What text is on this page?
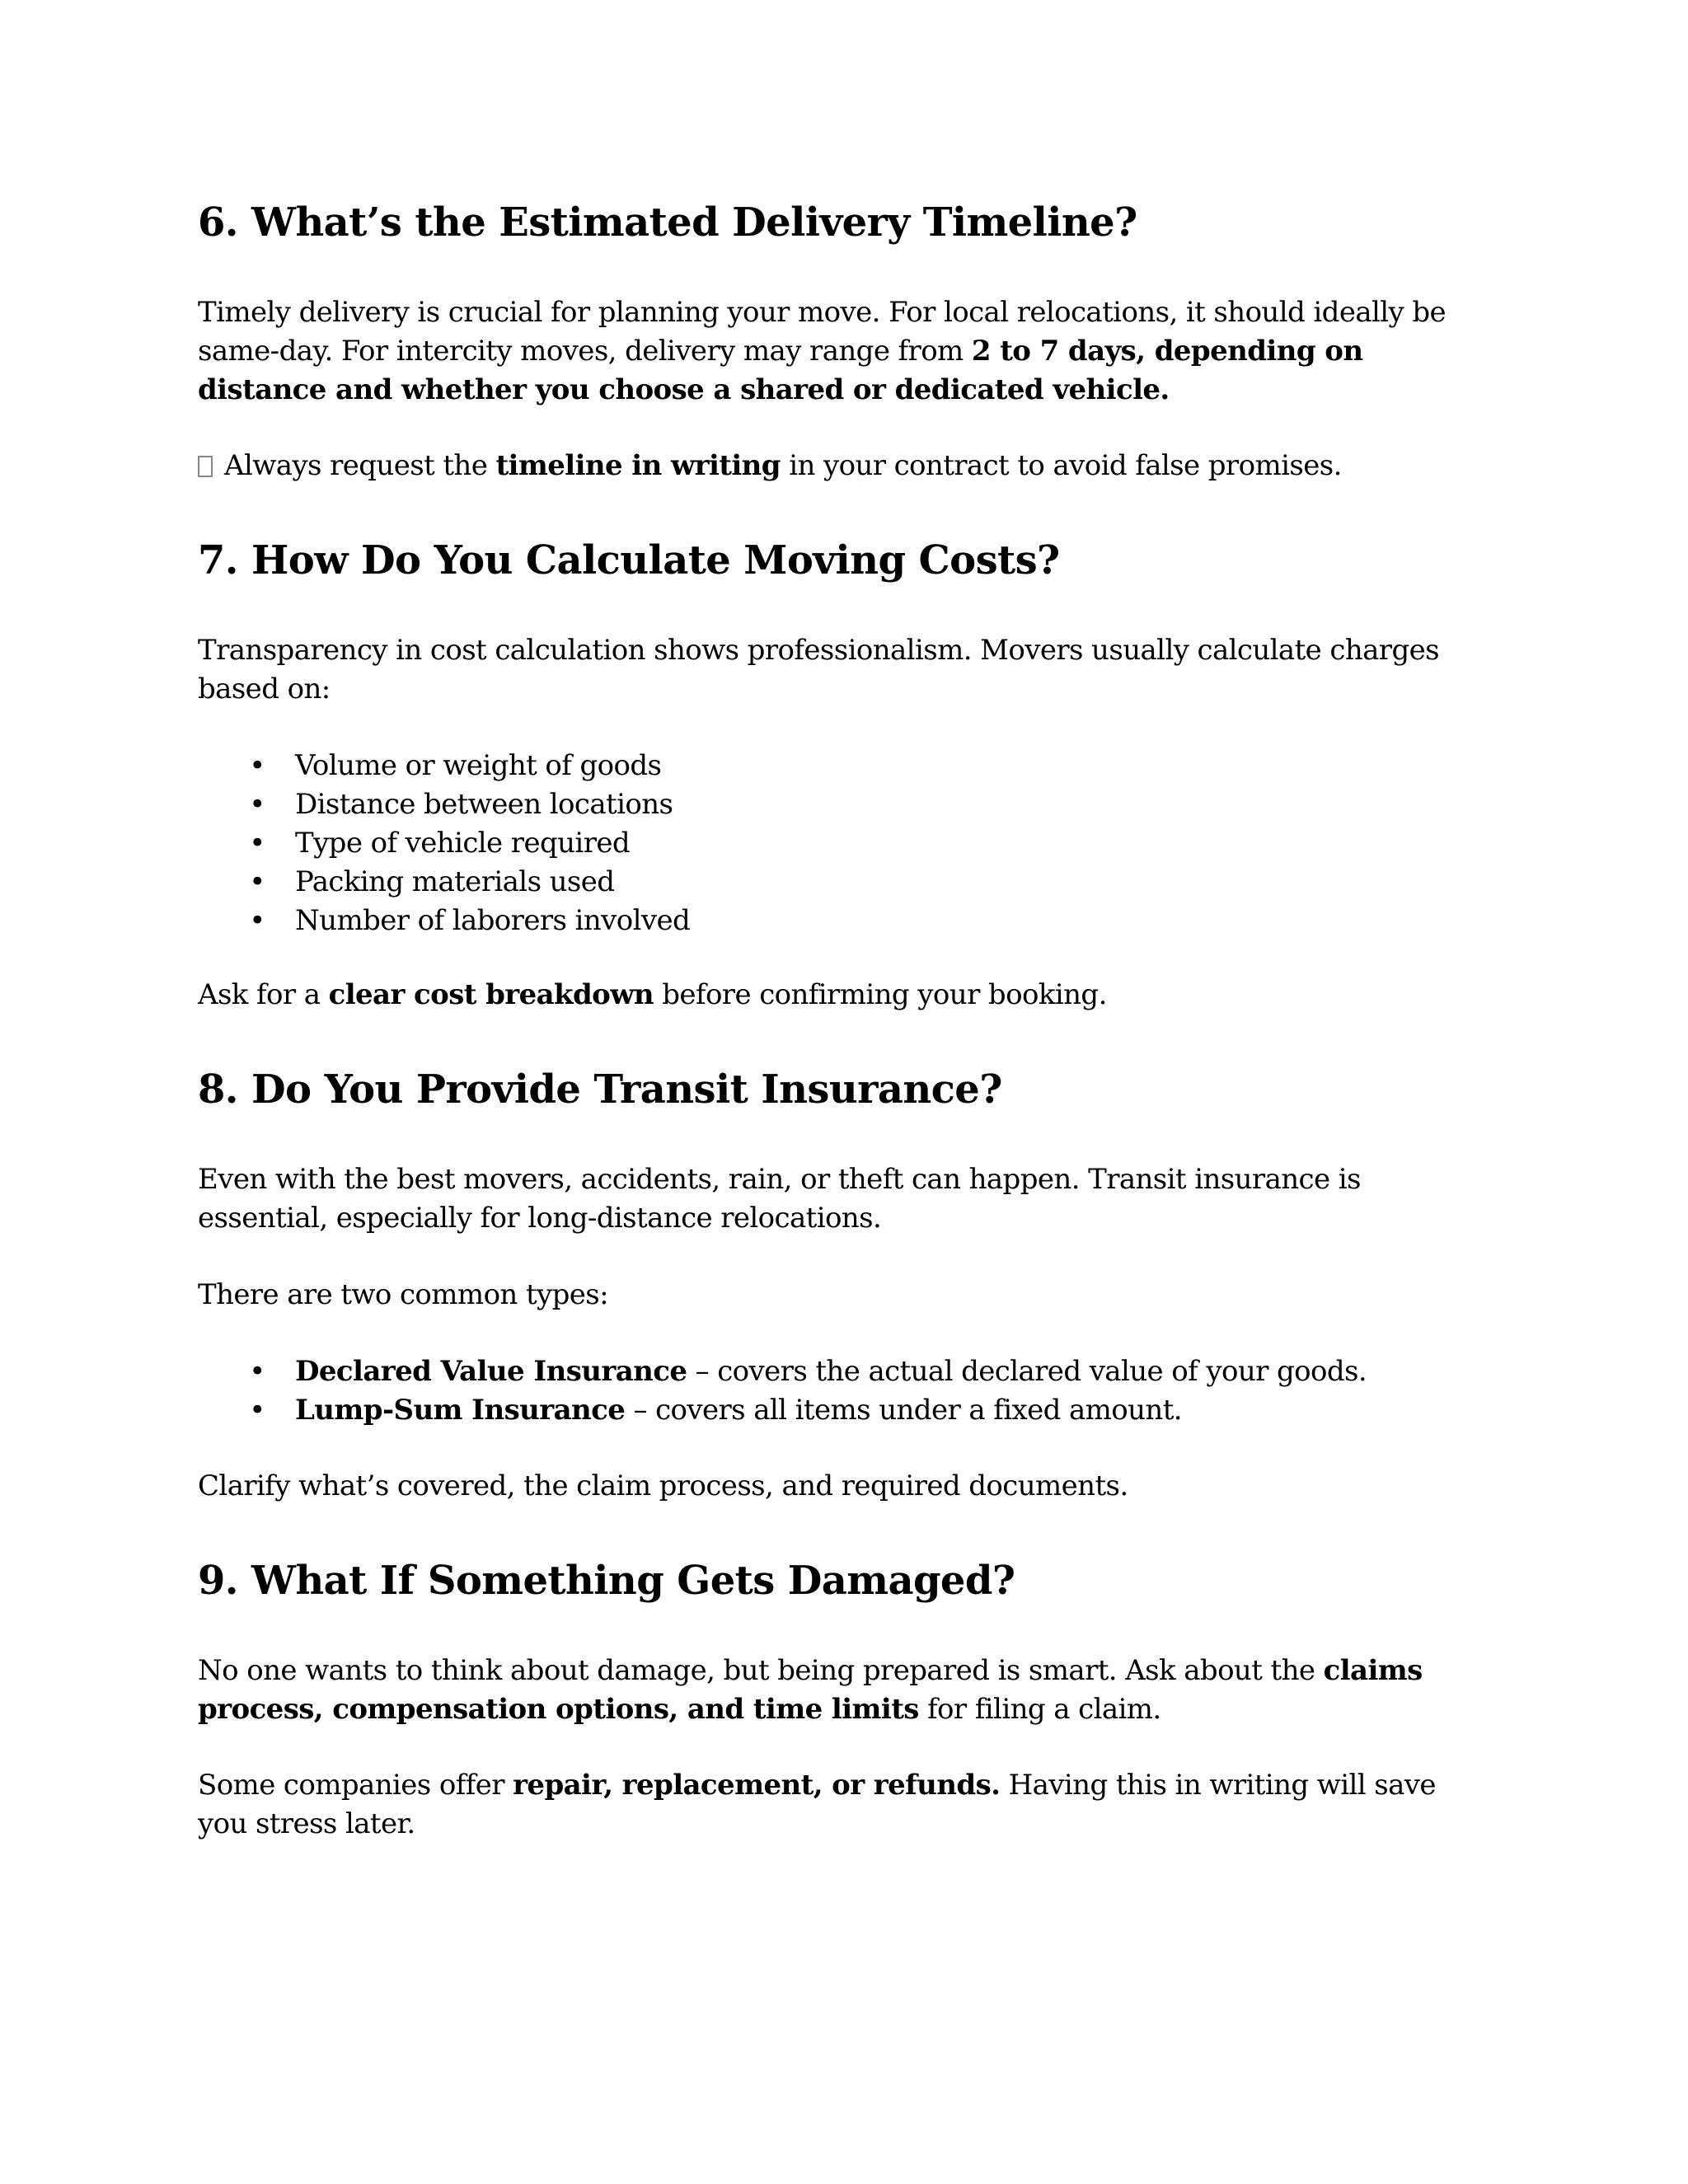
6. What’s the Estimated Delivery Timeline?

Timely delivery is crucial for planning your move. For local relocations, it should ideally be
same-day. For intercity moves, delivery may range from 2 to 7 days, depending on
distance and whether you choose a shared or dedicated vehicle.

Always request the timeline in writing in your contract to avoid false promises.

7. How Do You Calculate Moving Costs?

Transparency in cost calculation shows professionalism. Movers usually calculate charges
based on:

• Volume or weight of goods
• Distance between locations
• Type of vehicle required
• Packing materials used
• Number of laborers involved

Ask for a clear cost breakdown before confirming your booking.

8. Do You Provide Transit Insurance?

Even with the best movers, accidents, rain, or theft can happen. Transit insurance is
essential, especially for long-distance relocations.

There are two common types:

• Declared Value Insurance – covers the actual declared value of your goods.
• Lump-Sum Insurance – covers all items under a fixed amount.

Clarify what’s covered, the claim process, and required documents.

9. What If Something Gets Damaged?

No one wants to think about damage, but being prepared is smart. Ask about the claims
process, compensation options, and time limits for filing a claim.

Some companies offer repair, replacement, or refunds. Having this in writing will save
you stress later.
